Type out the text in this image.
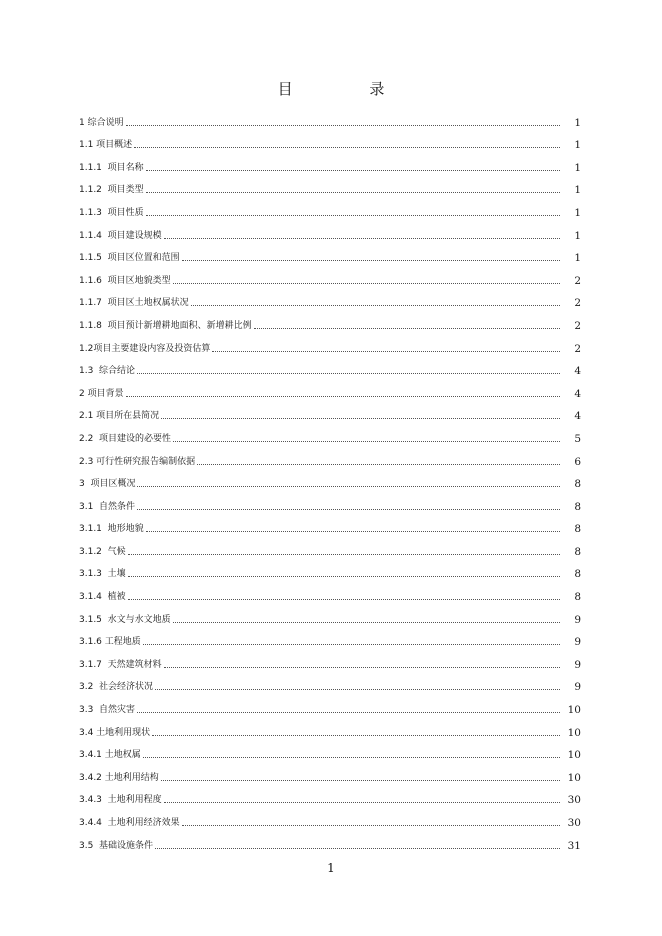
目 录
1 综合说明	1
1.1 项目概述	1
1.1.1  项目名称	1
1.1.2  项目类型	1
1.1.3  项目性质	1
1.1.4  项目建设规模	1
1.1.5  项目区位置和范围	1
1.1.6  项目区地貌类型	2
1.1.7  项目区土地权属状况	2
1.1.8  项目预计新增耕地面积、新增耕比例	2
1.2项目主要建设内容及投资估算	2
1.3  综合结论	4
2 项目背景	4
2.1 项目所在县简况	4
2.2  项目建设的必要性	5
2.3 可行性研究报告编制依据	6
3  项目区概况	8
3.1  自然条件	8
3.1.1  地形地貌	8
3.1.2  气候	8
3.1.3  土壤	8
3.1.4  植被	8
3.1.5  水文与水文地质	9
3.1.6 工程地质	9
3.1.7  天然建筑材料	9
3.2  社会经济状况	9
3.3  自然灾害	10
3.4 土地利用现状	10
3.4.1 土地权属	10
3.4.2 土地利用结构	10
3.4.3  土地利用程度	30
3.4.4  土地利用经济效果	30
3.5  基础设施条件	31
1
